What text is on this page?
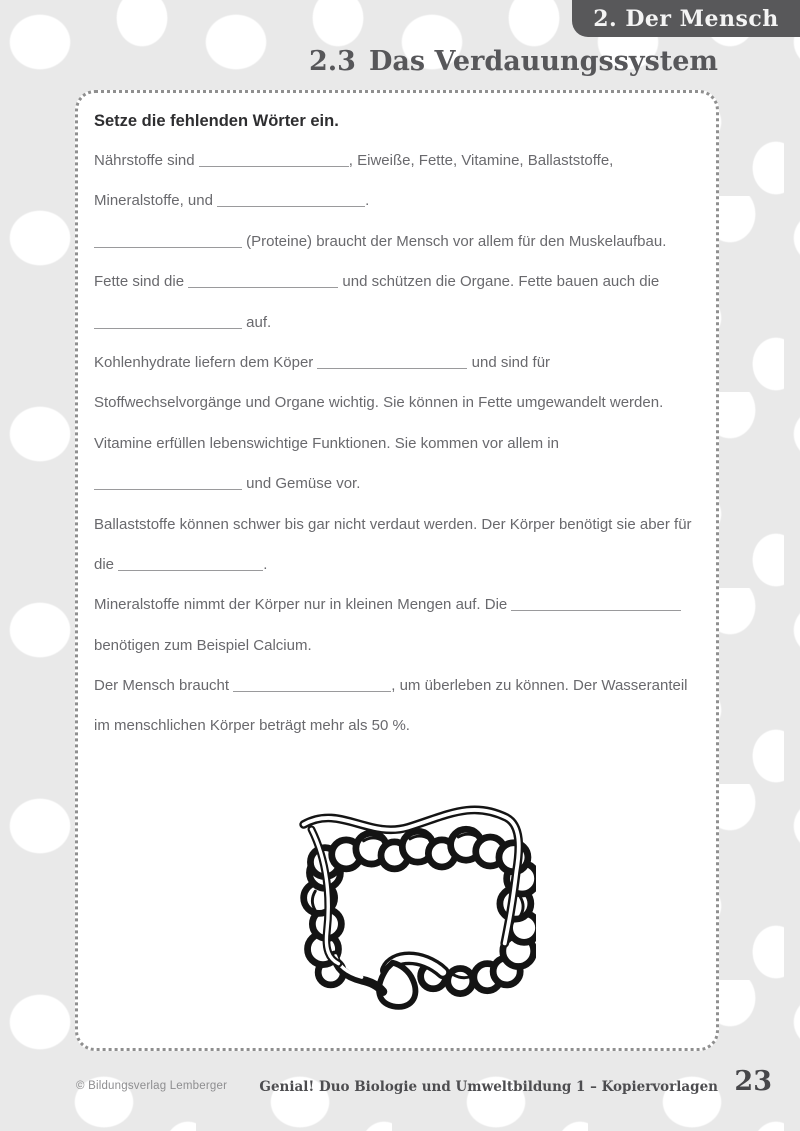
2. Der Mensch
2.3 Das Verdauungssystem
Setze die fehlenden Wörter ein.

Nährstoffe sind	, Eiweiße, Fette, Vitamine, Ballaststoffe,

Mineralstoffe, und	.

(Proteine) braucht der Mensch vor allem für den Muskelaufbau.

Fette sind die	und schützen die Organe. Fette bauen auch die

auf.

Kohlenhydrate liefern dem Köper	und sind für

Stoffwechselvorgänge und Organe wichtig. Sie können in Fette umgewandelt werden.

Vitamine erfüllen lebenswichtige Funktionen. Sie kommen vor allem in

und Gemüse vor.

Ballaststoffe können schwer bis gar nicht verdaut werden. Der Körper benötigt sie aber für

die	.

Mineralstoffe nimmt der Körper nur in kleinen Mengen auf. Die

benötigen zum Beispiel Calcium.

Der Mensch braucht	, um überleben zu können. Der Wasseranteil

im menschlichen Körper beträgt mehr als 50 %.

© Bildungsverlag Lemberger Genial! Duo Biologie und Umweltbildung 1 – Kopiervorlagen 23
